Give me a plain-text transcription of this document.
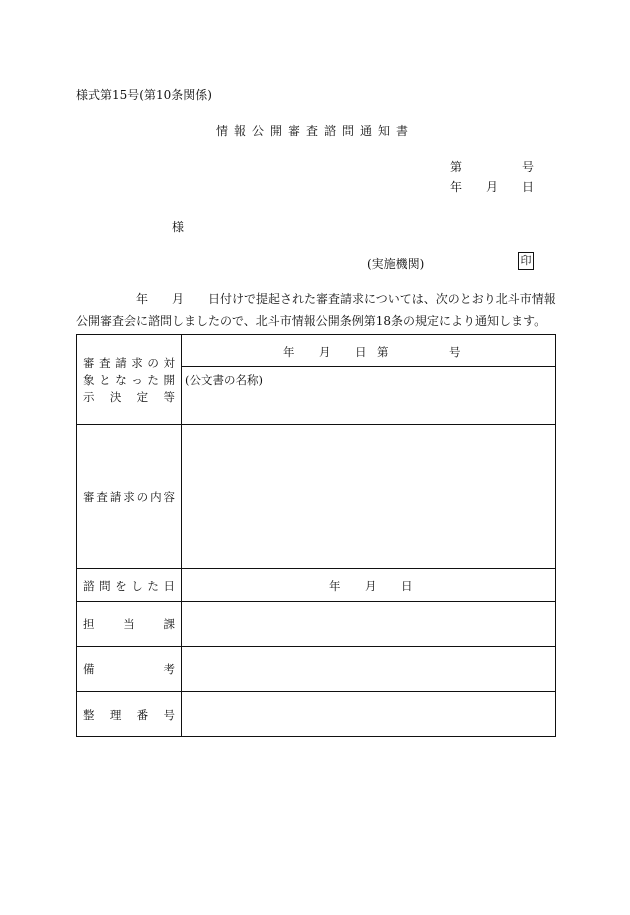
様式第15号(第10条関係)
情報公開審査諮問通知書
第	号
年 月 日
様
(実施機関)	印
年 月 日付けで提起された審査請求については、次のとおり北斗市情報
公開審査会に諮問しましたので、北斗市情報公開条例第18条の規定により通知します。
審査請求の対
象となった開
示決定等
年 月 日 第	号
(公文書の名称)
審査請求の内容
諮問をした日	年 月 日
担当課
備考
整理番号
